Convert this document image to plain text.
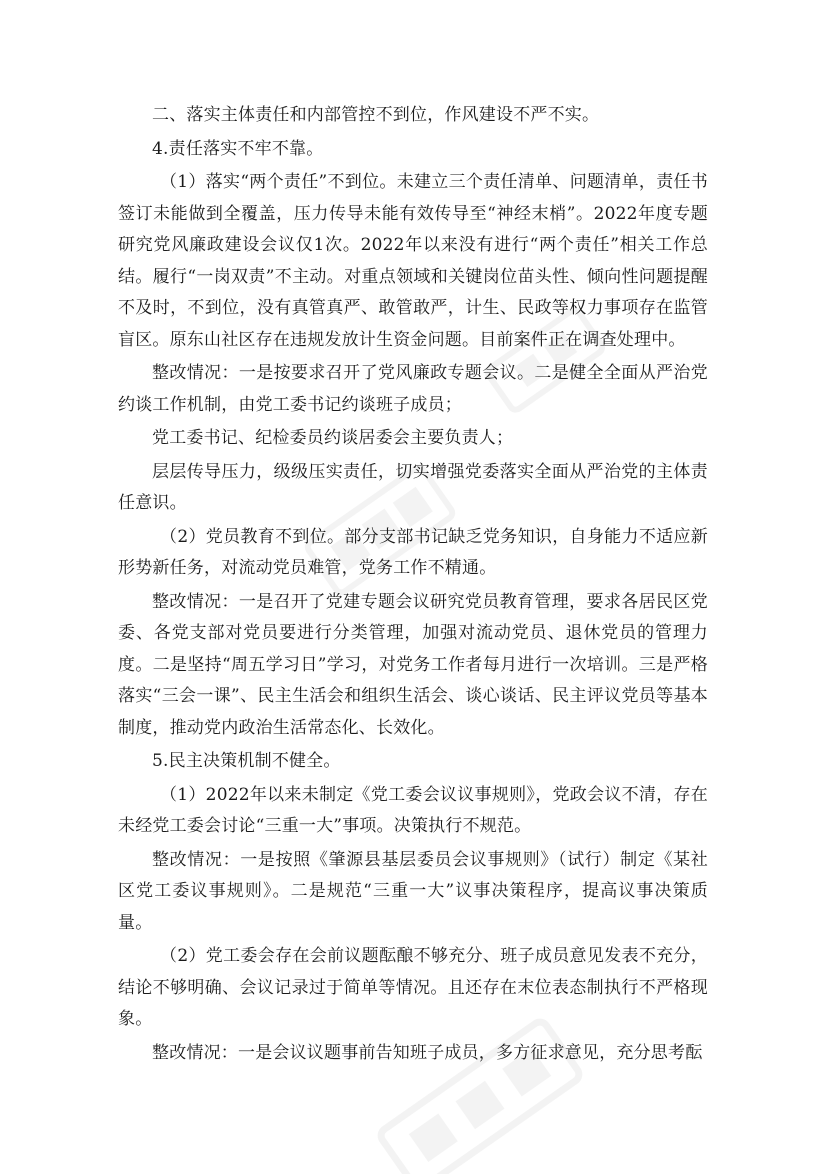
二、落实主体责任和内部管控不到位，作风建设不严不实。

4.责任落实不牢不靠。

（1）落实“两个责任”不到位。未建立三个责任清单、问题清单，责任书签订未能做到全覆盖，压力传导未能有效传导至“神经末梢”。2022年度专题研究党风廉政建设会议仅1次。2022年以来没有进行“两个责任”相关工作总结。履行“一岗双责”不主动。对重点领域和关键岗位苗头性、倾向性问题提醒不及时，不到位，没有真管真严、敢管敢严，计生、民政等权力事项存在监管盲区。原东山社区存在违规发放计生资金问题。目前案件正在调查处理中。

整改情况：一是按要求召开了党风廉政专题会议。二是健全全面从严治党约谈工作机制，由党工委书记约谈班子成员；

党工委书记、纪检委员约谈居委会主要负责人；

层层传导压力，级级压实责任，切实增强党委落实全面从严治党的主体责任意识。

（2）党员教育不到位。部分支部书记缺乏党务知识，自身能力不适应新形势新任务，对流动党员难管，党务工作不精通。

整改情况：一是召开了党建专题会议研究党员教育管理，要求各居民区党委、各党支部对党员要进行分类管理，加强对流动党员、退休党员的管理力度。二是坚持“周五学习日”学习，对党务工作者每月进行一次培训。三是严格落实“三会一课”、民主生活会和组织生活会、谈心谈话、民主评议党员等基本制度，推动党内政治生活常态化、长效化。

5.民主决策机制不健全。

（1）2022年以来未制定《党工委会议议事规则》，党政会议不清，存在未经党工委会讨论“三重一大”事项。决策执行不规范。

整改情况：一是按照《肇源县基层委员会议事规则》（试行）制定《某社区党工委议事规则》。二是规范“三重一大”议事决策程序，提高议事决策质量。

（2）党工委会存在会前议题酝酿不够充分、班子成员意见发表不充分，结论不够明确、会议记录过于简单等情况。且还存在末位表态制执行不严格现象。

整改情况：一是会议议题事前告知班子成员，多方征求意见，充分思考酝
